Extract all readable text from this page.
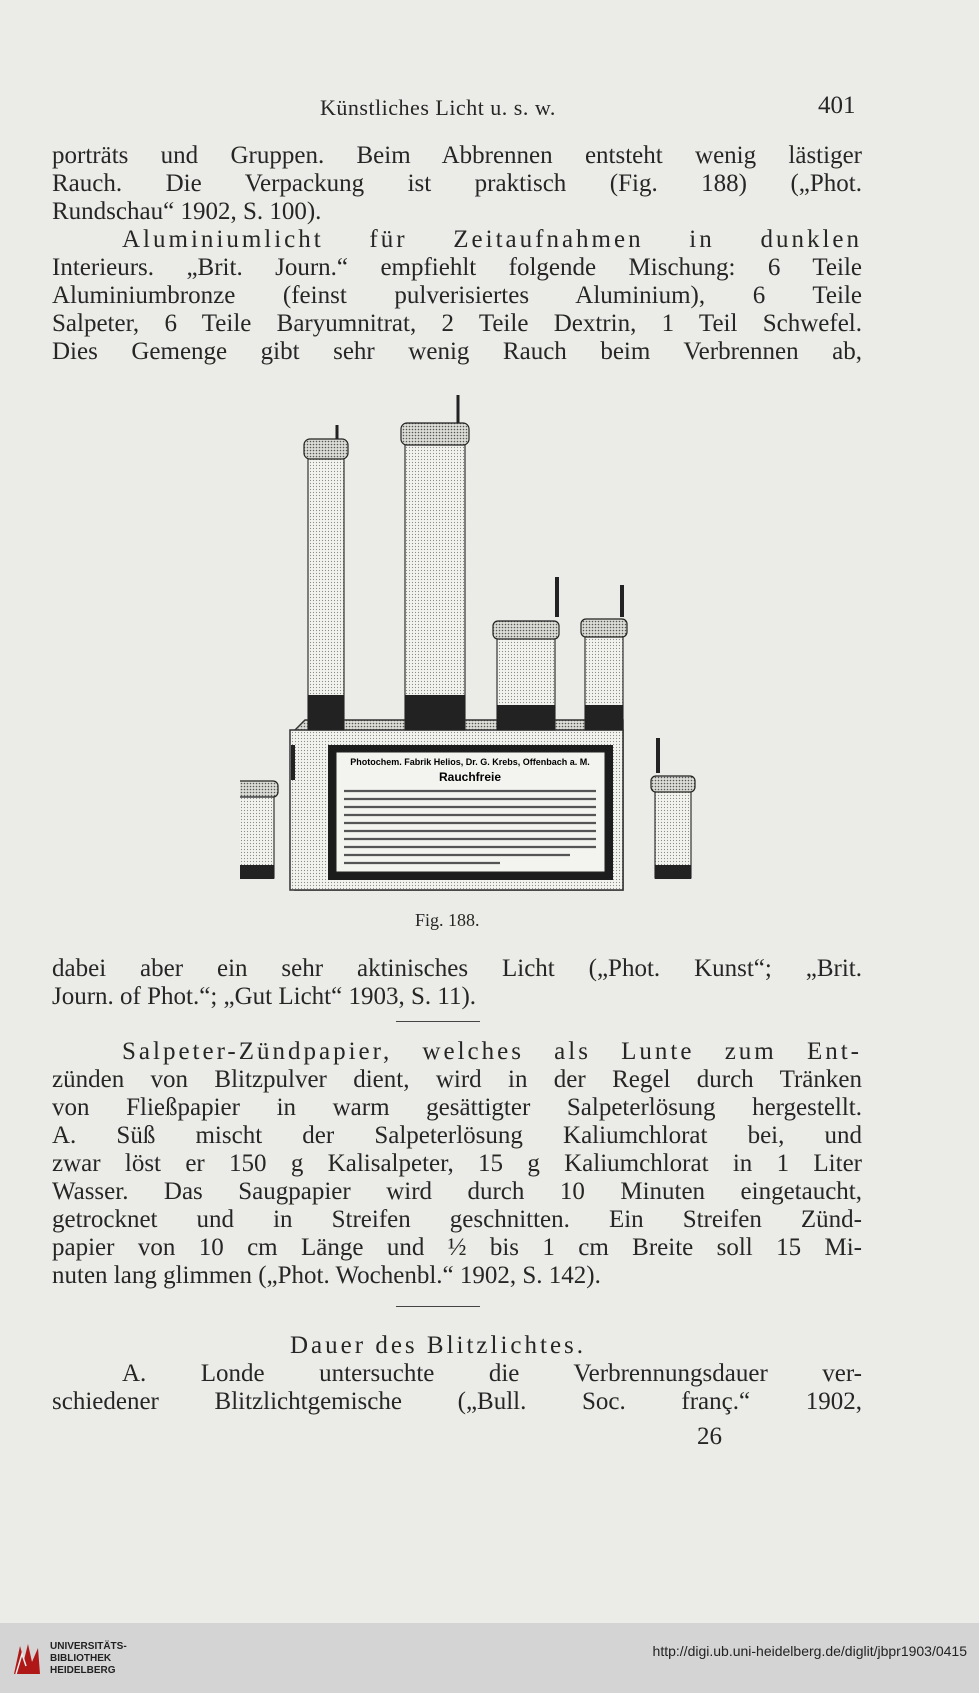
Künstliches Licht u. s. w.	401
porträts und Gruppen. Beim Abbrennen entsteht wenig lästiger
Rauch. Die Verpackung ist praktisch (Fig. 188) („Phot.
Rundschau“ 1902, S. 100).
Aluminiumlicht für Zeitaufnahmen in dunklen
Interieurs. „Brit. Journ.“ empfiehlt folgende Mischung: 6 Teile
Aluminiumbronze (feinst pulverisiertes Aluminium), 6 Teile
Salpeter, 6 Teile Baryumnitrat, 2 Teile Dextrin, 1 Teil Schwefel.
Dies Gemenge gibt sehr wenig Rauch beim Verbrennen ab,
Photochem. Fabrik Helios, Dr. G. Krebs, Offenbach a. M.
Rauchfreie
Fig. 188.
dabei aber ein sehr aktinisches Licht („Phot. Kunst“; „Brit.
Journ. of Phot.“; „Gut Licht“ 1903, S. 11).
Salpeter-Zündpapier, welches als Lunte zum Ent-
zünden von Blitzpulver dient, wird in der Regel durch Tränken
von Fließpapier in warm gesättigter Salpeterlösung hergestellt.
A. Süß mischt der Salpeterlösung Kaliumchlorat bei, und
zwar löst er 150 g Kalisalpeter, 15 g Kaliumchlorat in 1 Liter
Wasser. Das Saugpapier wird durch 10 Minuten eingetaucht,
getrocknet und in Streifen geschnitten. Ein Streifen Zünd-
papier von 10 cm Länge und ½ bis 1 cm Breite soll 15 Mi-
nuten lang glimmen („Phot. Wochenbl.“ 1902, S. 142).
Dauer des Blitzlichtes.
A. Londe untersuchte die Verbrennungsdauer ver-
schiedener Blitzlichtgemische („Bull. Soc. franç.“ 1902,
26
UNIVERSITÄTS-
BIBLIOTHEK
HEIDELBERG
http://digi.ub.uni-heidelberg.de/diglit/jbpr1903/0415
